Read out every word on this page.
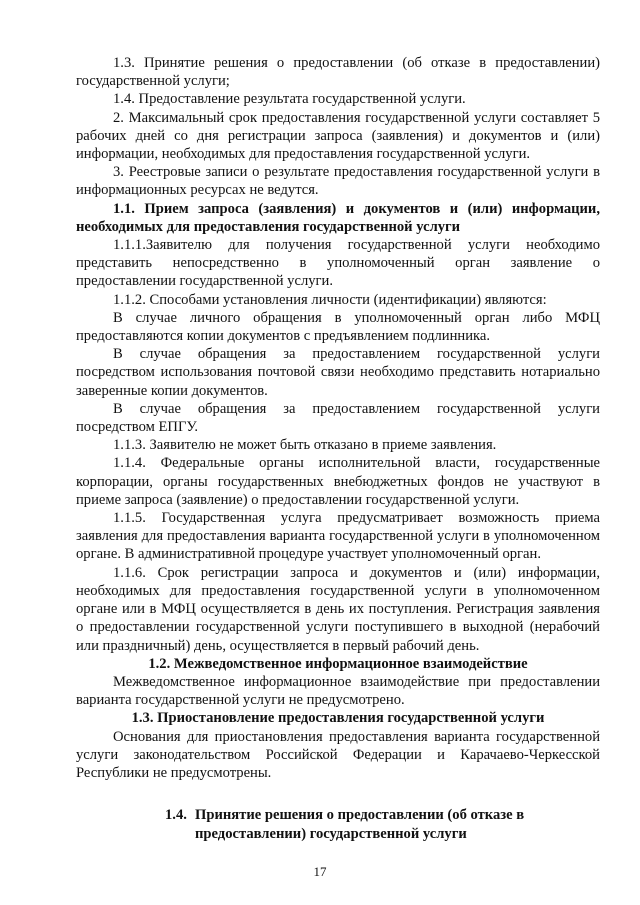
1.3. Принятие решения о предоставлении (об отказе в предоставлении) государственной услуги;

1.4. Предоставление результата государственной услуги.

2. Максимальный срок предоставления государственной услуги составляет 5 рабочих дней со дня регистрации запроса (заявления) и документов и (или) информации, необходимых для предоставления государственной услуги.

3. Реестровые записи о результате предоставления государственной услуги в информационных ресурсах не ведутся.

1.1. Прием запроса (заявления) и документов и (или) информации, необходимых для предоставления государственной услуги

1.1.1.Заявителю для получения государственной услуги необходимо представить непосредственно в уполномоченный орган заявление о предоставлении государственной услуги.

1.1.2. Способами установления личности (идентификации) являются:

В случае личного обращения в уполномоченный орган либо МФЦ предоставляются копии документов с предъявлением подлинника.

В случае обращения за предоставлением государственной услуги посредством использования почтовой связи необходимо представить нотариально заверенные копии документов.

В случае обращения за предоставлением государственной услуги посредством ЕПГУ.

1.1.3. Заявителю не может быть отказано в приеме заявления.

1.1.4. Федеральные органы исполнительной власти, государственные корпорации, органы государственных внебюджетных фондов не участвуют в приеме запроса (заявление) о предоставлении государственной услуги.

1.1.5. Государственная услуга предусматривает возможность приема заявления для предоставления варианта государственной услуги в уполномоченном органе. В административной процедуре участвует уполномоченный орган.

1.1.6. Срок регистрации запроса и документов и (или) информации, необходимых для предоставления государственной услуги в уполномоченном органе или в МФЦ осуществляется в день их поступления. Регистрация заявления о предоставлении государственной услуги поступившего в выходной (нерабочий или праздничный) день, осуществляется в первый рабочий день.

1.2. Межведомственное информационное взаимодействие

Межведомственное информационное взаимодействие при предоставлении варианта государственной услуги не предусмотрено.

1.3. Приостановление предоставления государственной услуги

Основания для приостановления предоставления варианта государственной услуги законодательством Российской Федерации и Карачаево-Черкесской Республики не предусмотрены.

1.4. Принятие решения о предоставлении (об отказе в
предоставлении) государственной услуги
17
